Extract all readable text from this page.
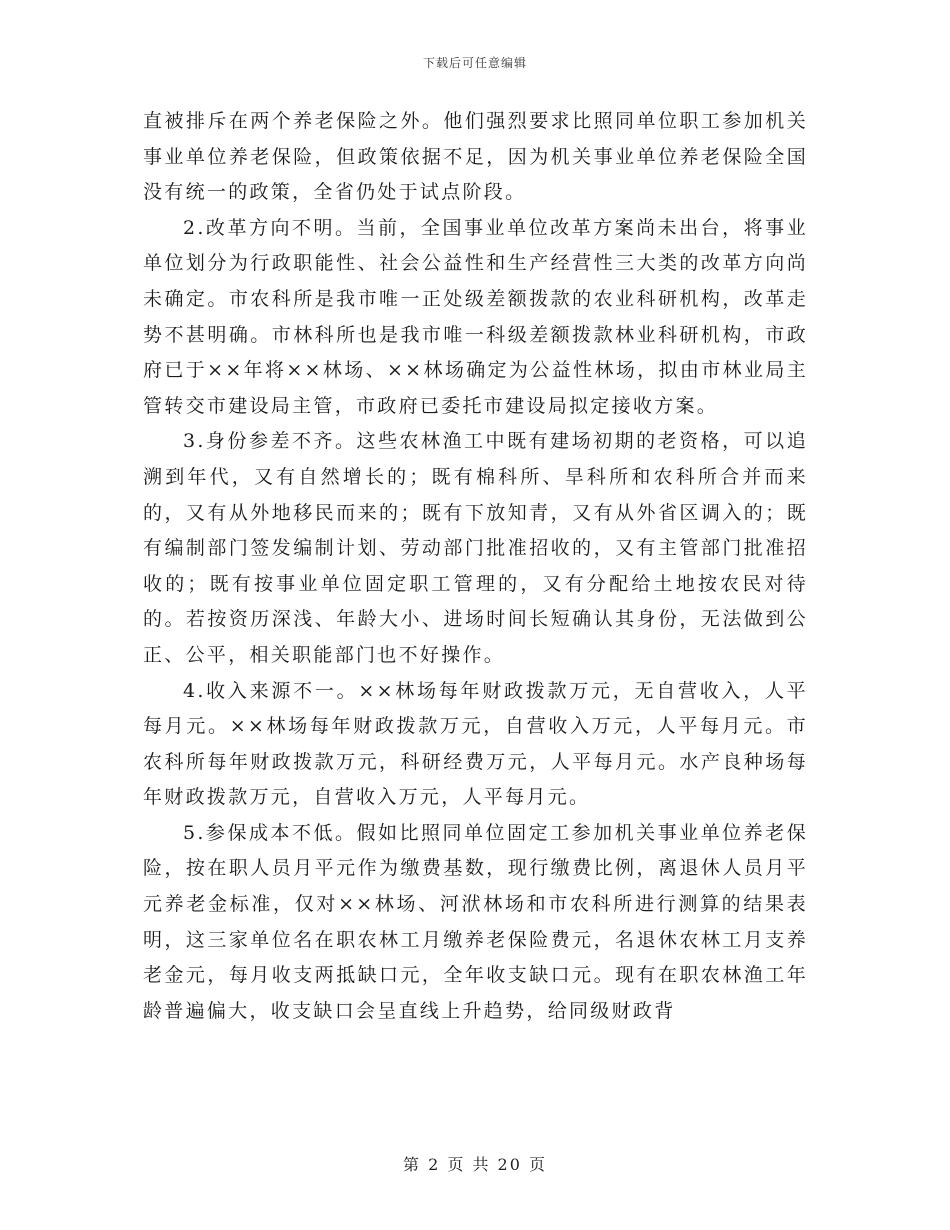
下载后可任意编辑

直被排斥在两个养老保险之外。他们强烈要求比照同单位职工参加机关事业单位养老保险，但政策依据不足，因为机关事业单位养老保险全国没有统一的政策，全省仍处于试点阶段。

2.改革方向不明。当前，全国事业单位改革方案尚未出台，将事业单位划分为行政职能性、社会公益性和生产经营性三大类的改革方向尚未确定。市农科所是我市唯一正处级差额拨款的农业科研机构，改革走势不甚明确。市林科所也是我市唯一科级差额拨款林业科研机构，市政府已于××年将××林场、××林场确定为公益性林场，拟由市林业局主管转交市建设局主管，市政府已委托市建设局拟定接收方案。

3.身份参差不齐。这些农林渔工中既有建场初期的老资格，可以追溯到年代，又有自然增长的；既有棉科所、旱科所和农科所合并而来的，又有从外地移民而来的；既有下放知青，又有从外省区调入的；既有编制部门签发编制计划、劳动部门批准招收的，又有主管部门批准招收的；既有按事业单位固定职工管理的，又有分配给土地按农民对待的。若按资历深浅、年龄大小、进场时间长短确认其身份，无法做到公正、公平，相关职能部门也不好操作。

4.收入来源不一。××林场每年财政拨款万元，无自营收入，人平每月元。××林场每年财政拨款万元，自营收入万元，人平每月元。市农科所每年财政拨款万元，科研经费万元，人平每月元。水产良种场每年财政拨款万元，自营收入万元，人平每月元。

5.参保成本不低。假如比照同单位固定工参加机关事业单位养老保险，按在职人员月平元作为缴费基数，现行缴费比例，离退休人员月平元养老金标准，仅对××林场、河洑林场和市农科所进行测算的结果表明，这三家单位名在职农林工月缴养老保险费元，名退休农林工月支养老金元，每月收支两抵缺口元，全年收支缺口元。现有在职农林渔工年龄普遍偏大，收支缺口会呈直线上升趋势，给同级财政背

第 2 页 共 20 页
